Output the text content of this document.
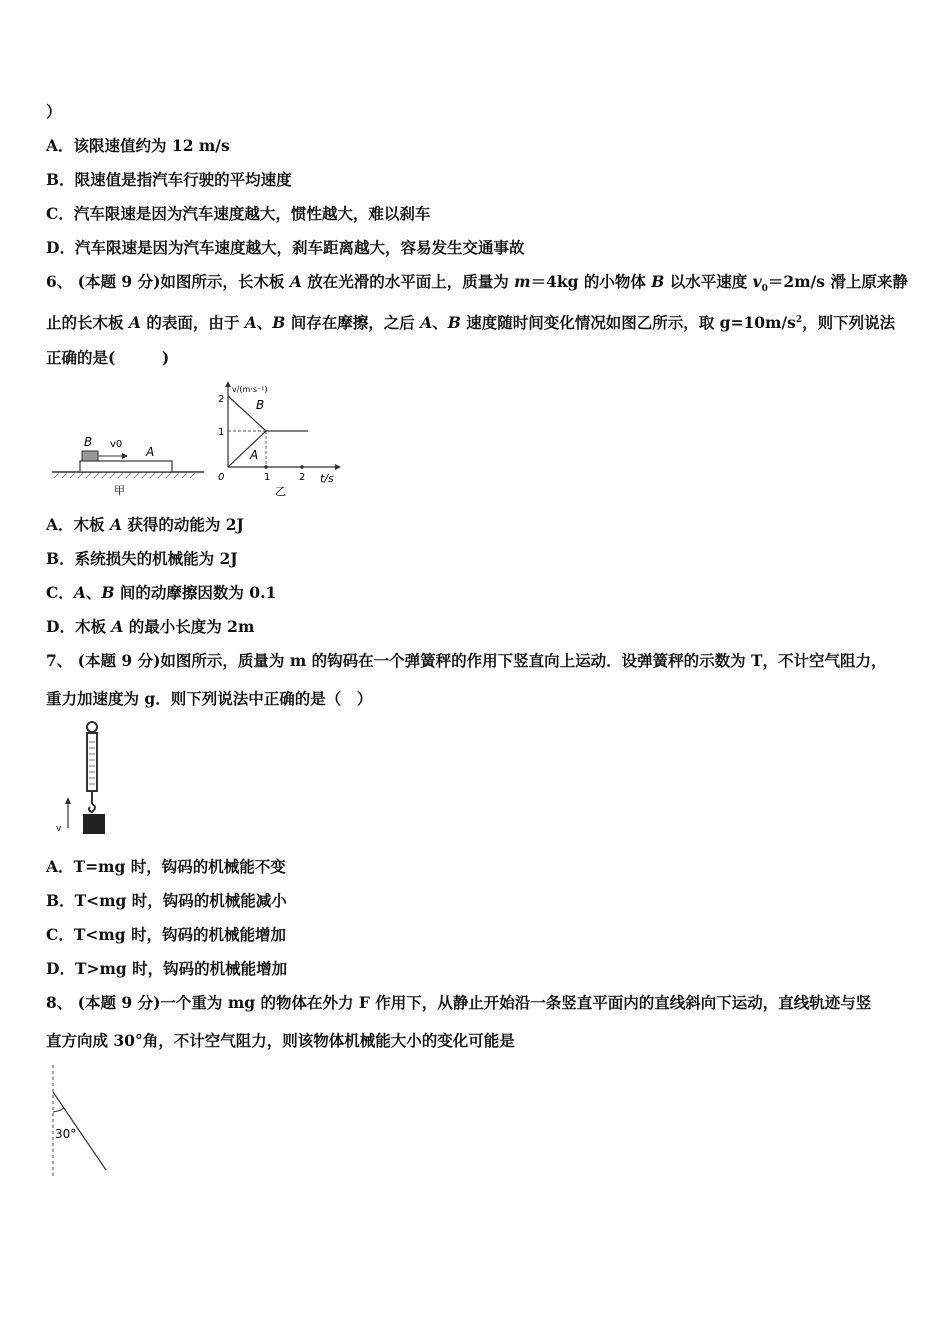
）
A．该限速值约为 12 m/s
B．限速值是指汽车行驶的平均速度
C．汽车限速是因为汽车速度越大，惯性越大，难以刹车
D．汽车限速是因为汽车速度越大，刹车距离越大，容易发生交通事故
6、 (本题 9 分)如图所示，长木板 A 放在光滑的水平面上，质量为 m＝4kg 的小物体 B 以水平速度 $v_0=2m/s$ 滑上原来静
止的长木板 A 的表面，由于 A、B 间存在摩擦，之后 A、B 速度随时间变化情况如图乙所示，取 $g=10m/s^2$，则下列说法
正确的是(　　　)
B v0
A
甲
v/(m·s⁻¹)
2
1
0	1	2 t/s
乙
B
A
A．木板 A 获得的动能为 2J
B．系统损失的机械能为 2J
C．A、B 间的动摩擦因数为 0.1
D．木板 A 的最小长度为 2m
7、 (本题 9 分)如图所示，质量为 m 的钩码在一个弹簧秤的作用下竖直向上运动．设弹簧秤的示数为 T，不计空气阻力，
重力加速度为 g．则下列说法中正确的是（　）
v
A．T=mg 时，钩码的机械能不变
B．T<mg 时，钩码的机械能减小
C．T<mg 时，钩码的机械能增加
D．T>mg 时，钩码的机械能增加
8、 (本题 9 分)一个重为 mg 的物体在外力 F 作用下，从静止开始沿一条竖直平面内的直线斜向下运动，直线轨迹与竖
直方向成 30°角，不计空气阻力，则该物体机械能大小的变化可能是
30°
